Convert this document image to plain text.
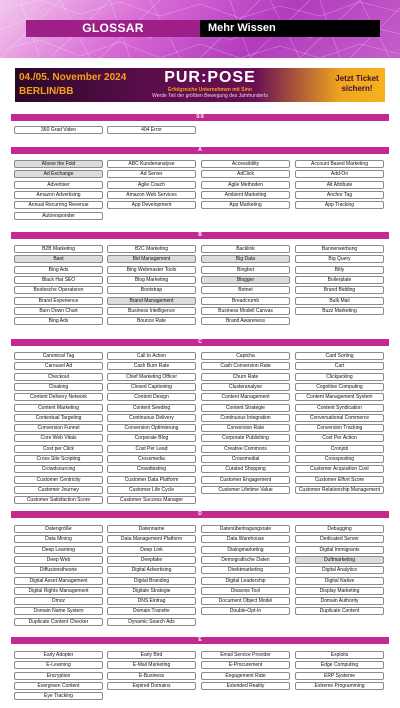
GLOSSAR	Mehr Wissen
04./05. November 2024
BERLIN/BB
PUR:POSE
Erfolgreiche Unternehmen mit Sinn
Werde Teil der größten Bewegung des Jahrhunderts
Jetzt Ticket
sichern!
0-9
360 Grad Video	404 Error
A
Above the Fold	ABC Kundenanalyse	Accessibility	Account Based Marketing
Ad Exchange	Ad Server	AdClick	Add-On
Advertiser	Agile Coach	Agile Methoden	Alt Attribute
Amazon Advertising	Amazon Web Services	Ambient Marketing	Anchor Tag
Annual Recurring Revenue	App Development	App Marketing	App Tracking
Autoresponder
B
B2B Marketing	B2C Marketing	Backlink	Bannerwerbung
Bant	Bid Management	Big Data	Big Query
Bing Ads	Bing Webmaster Tools	Bingbot	Bitly
Black Hat SEO	Blog Marketing	Blogger	Boilerplate
Boolesche Operatoren	Bootstrap	Botnet	Brand Bidding
Brand Experience	Brand Management	Breadcrumb	Bulk Mail
Burn Down Chart	Business Intelligence	Business Modell Canvas	Buzz Marketing
Bing Ads	Bounce Rate	Brand Awareness
C
Canonical Tag	Call to Action	Captcha	Card Sorting
Carousel Ad	Cash Burn Rate	Cash Conversion Rate	Cart
Checkout	Chief Marketing Officer	Churn Rate	Clickjacking
Cloaking	Closed Captioning	Clusteranalyse	Cognitive Computing
Content Delivery Network	Content Design	Content Management	Content Management System
Content Marketing	Content Seeding	Content Strategie	Content Syndication
Contextual Targeting	Continuous Delivery	Continuous Integration	Conversational Commerce
Conversion Funnel	Conversion Optimierung	Conversion Rate	Conversion Tracking
Core Web Vitals	Corporate Blog	Corporate Publishing	Cost Per Action
Cost per Click	Cost Per Lead	Creative Commons	Cronjob
Cross Site Scripting	Crossmedia	Crossmedial	Crossposting
Crowdsourcing	Crowdtesting	Curated Shopping	Customer Acquisition Cost
Customer Centricity	Customer Data Platform	Customer Engagement	Customer Effort Score
Customer Journey	Customer Life Cycle	Customer Lifetime Value	Customer Relationship Management
Customer Satisfaction Score	Customer Success Manager
D
Datengröße	Datenname	Datenübertragungsrate	Debugging
Data Mining	Data Management Platform	Data Warehouse	Dedicated Server
Deep Learning	Deep Link	Dialogmarketing	Digital Immigrants
Deep Web	Deepfake	Demografische Daten	Duftmarketing
Diffusionstheorie	Digital Advertising	Direktmarketing	Digital Analytics
Digital Asset Management	Digital Branding	Digital Leadership	Digital Native
Digital Rights Management	Digitale Strategie	Disavow Tool	Display Marketing
Dmoz	DNS Eintrag	Document Object Model	Domain Authority
Domain Name System	Domain Transfer	Double-Opt-In	Duplicate Content
Duplicate Content Checker	Dynamic Search Ads
E
Early Adopter	Early Bird	Email Service Provider	Exploits
E-Learning	E-Mail Marketing	E-Procurement	Edge Computing
Encryption	E-Business	Engagement Rate	ERP Systeme
Evergreen Content	Expired Domains	Extended Reality	Extreme Programming
Eye Tracking
